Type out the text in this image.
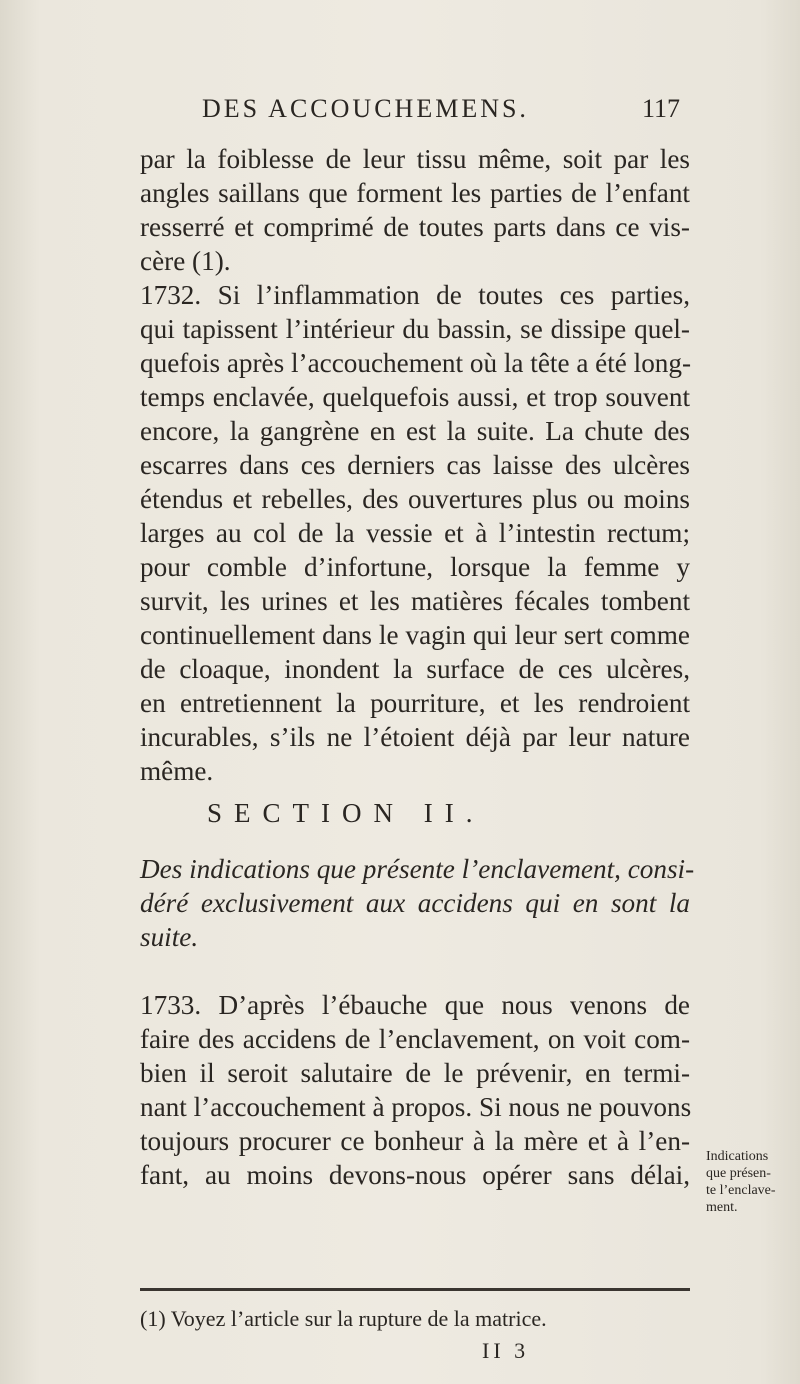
DES ACCOUCHEMENS.	117
par la foiblesse de leur tissu même, soit par les
angles saillans que forment les parties de l’enfant
resserré et comprimé de toutes parts dans ce vis-
cère (1).
1732. Si l’inflammation de toutes ces parties,
qui tapissent l’intérieur du bassin, se dissipe quel-
quefois après l’accouchement où la tête a été long-
temps enclavée, quelquefois aussi, et trop souvent
encore, la gangrène en est la suite. La chute des
escarres dans ces derniers cas laisse des ulcères
étendus et rebelles, des ouvertures plus ou moins
larges au col de la vessie et à l’intestin rectum;
pour comble d’infortune, lorsque la femme y
survit, les urines et les matières fécales tombent
continuellement dans le vagin qui leur sert comme
de cloaque, inondent la surface de ces ulcères,
en entretiennent la pourriture, et les rendroient
incurables, s’ils ne l’étoient déjà par leur nature
même.
SECTION II.
Des indications que présente l’enclavement, consi-
déré exclusivement aux accidens qui en sont la
suite.
1733. D’après l’ébauche que nous venons de
faire des accidens de l’enclavement, on voit com-
bien il seroit salutaire de le prévenir, en termi-
nant l’accouchement à propos. Si nous ne pouvons
toujours procurer ce bonheur à la mère et à l’en-
fant, au moins devons-nous opérer sans délai,
Indications
que présen-
te l’enclave-
ment.
(1) Voyez l’article sur la rupture de la matrice.
II 3
